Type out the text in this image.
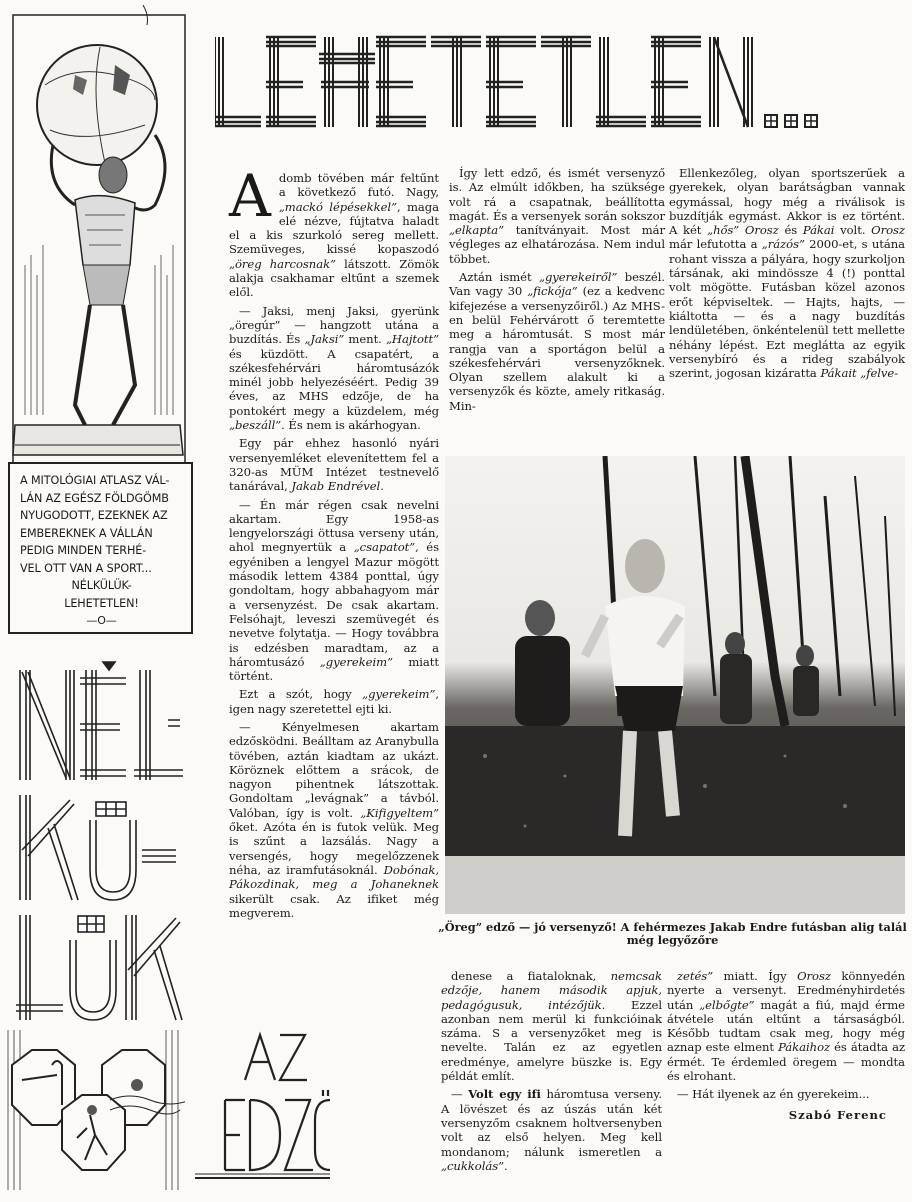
A MITOLÓGIAI ATLASZ VÁL-
LÁN AZ EGÉSZ FÖLDGÖMB
NYUGODOTT, EZEKNEK AZ
EMBEREKNEK A VÁLLÁN
PEDIG MINDEN TERHÉ-
VEL OTT VAN A SPORT...
NÉLKÜLÜK-
LEHETETLEN!
—O—
A domb tövében már feltűnt a következő futó. Nagy, „mackó lépésekkel”, maga elé nézve, fújtatva haladt el a kis szurkoló sereg mellett. Szemüveges, kissé kopaszodó „öreg harcosnak” látszott. Zömök alakja csakhamar eltűnt a szemek elől.

— Jaksi, menj Jaksi, gyerünk „öregúr” — hangzott utána a buzdítás. És „Jaksi” ment. „Hajtott” és küzdött. A csapatért, a székesfehérvári háromtusázók minél jobb helyezéséért. Pedig 39 éves, az MHS edzője, de ha pontokért megy a küzdelem, még „beszáll”. És nem is akárhogyan.

Egy pár ehhez hasonló nyári versenyemléket elevenítettem fel a 320-as MÜM Intézet testnevelő tanárával, Jakab Endrével.

— Én már régen csak nevelni akartam. Egy 1958-as lengyelországi öttusa verseny után, ahol megnyertük a „csapatot”, és egyéniben a lengyel Mazur mögött második lettem 4384 ponttal, úgy gondoltam, hogy abbahagyom már a versenyzést. De csak akartam. Felsóhajt, leveszi szemüvegét és nevetve folytatja. — Hogy továbbra is edzésben maradtam, az a háromtusázó „gyerekeim” miatt történt.

Ezt a szót, hogy „gyerekeim”, igen nagy szeretettel ejti ki.

— Kényelmesen akartam edzősködni. Beálltam az Aranybulla tövében, aztán kiadtam az ukázt. Köröznek előttem a srácok, de nagyon pihentnek látszottak. Gondoltam „levágnak” a távból. Valóban, így is volt. „Kifigyeltem” őket. Azóta én is futok velük. Meg is szűnt a lazsálás. Nagy a versengés, hogy megelőzzenek néha, az iramfutásoknál. Dobónak, Pákozdinak, meg a Johaneknek sikerült csak. Az ifiket még megverem.

Így lett edző, és ismét versenyző is. Az elmúlt időkben, ha szüksége volt rá a csapatnak, beállította magát. És a versenyek során sokszor „elkapta” tanítványait. Most már végleges az elhatározása. Nem indul többet.

Aztán ismét „gyerekeiről” beszél. Van vagy 30 „fickója” (ez a kedvenc kifejezése a versenyzőiről.) Az MHS-en belül Fehérvárott ő teremtette meg a háromtusát. S most már rangja van a sportágon belül a székesfehérvári versenyzőknek. Olyan szellem alakult ki a versenyzők és közte, amely ritkaság. Min-

Ellenkezőleg, olyan sportszerűek a gyerekek, olyan barátságban vannak egymással, hogy még a riválisok is buzdítják egymást. Akkor is ez történt. A két „hős” Orosz és Pákai volt. Orosz már lefutotta a „rázós” 2000-et, s utána rohant vissza a pályára, hogy szurkoljon társának, aki mindössze 4 (!) ponttal volt mögötte. Futásban közel azonos erőt képviseltek. — Hajts, hajts, — kiáltotta — és a nagy buzdítás lendületében, önkéntelenül tett mellette néhány lépést. Ezt meglátta az egyik versenybíró és a rideg szabályok szerint, jogosan kizáratta Pákait „felve-

„Öreg” edző — jó versenyző! A fehérmezes Jakab Endre futásban alig talál még legyőzőre

denese a fiataloknak, nemcsak edzője, hanem második apjuk, pedagógusuk, intézőjük. Ezzel azonban nem merül ki funkcióinak száma. S a versenyzőket meg is nevelte. Talán ez az egyetlen eredménye, amelyre büszke is. Egy példát említ.

— Volt egy ifi háromtusa verseny. A lövészet és az úszás után két versenyzőm csaknem holtversenyben volt az első helyen. Meg kell mondanom; nálunk ismeretlen a „cukkolás”.

zetés” miatt. Így Orosz könnyedén nyerte a versenyt. Eredményhirdetés után „elbőgte” magát a fiú, majd érme átvétele után eltűnt a társaságból. Később tudtam csak meg, hogy még aznap este elment Pákaihoz és átadta az érmét. Te érdemled öregem — mondta és elrohant.

— Hát ilyenek az én gyerekeim...

Szabó Ferenc
